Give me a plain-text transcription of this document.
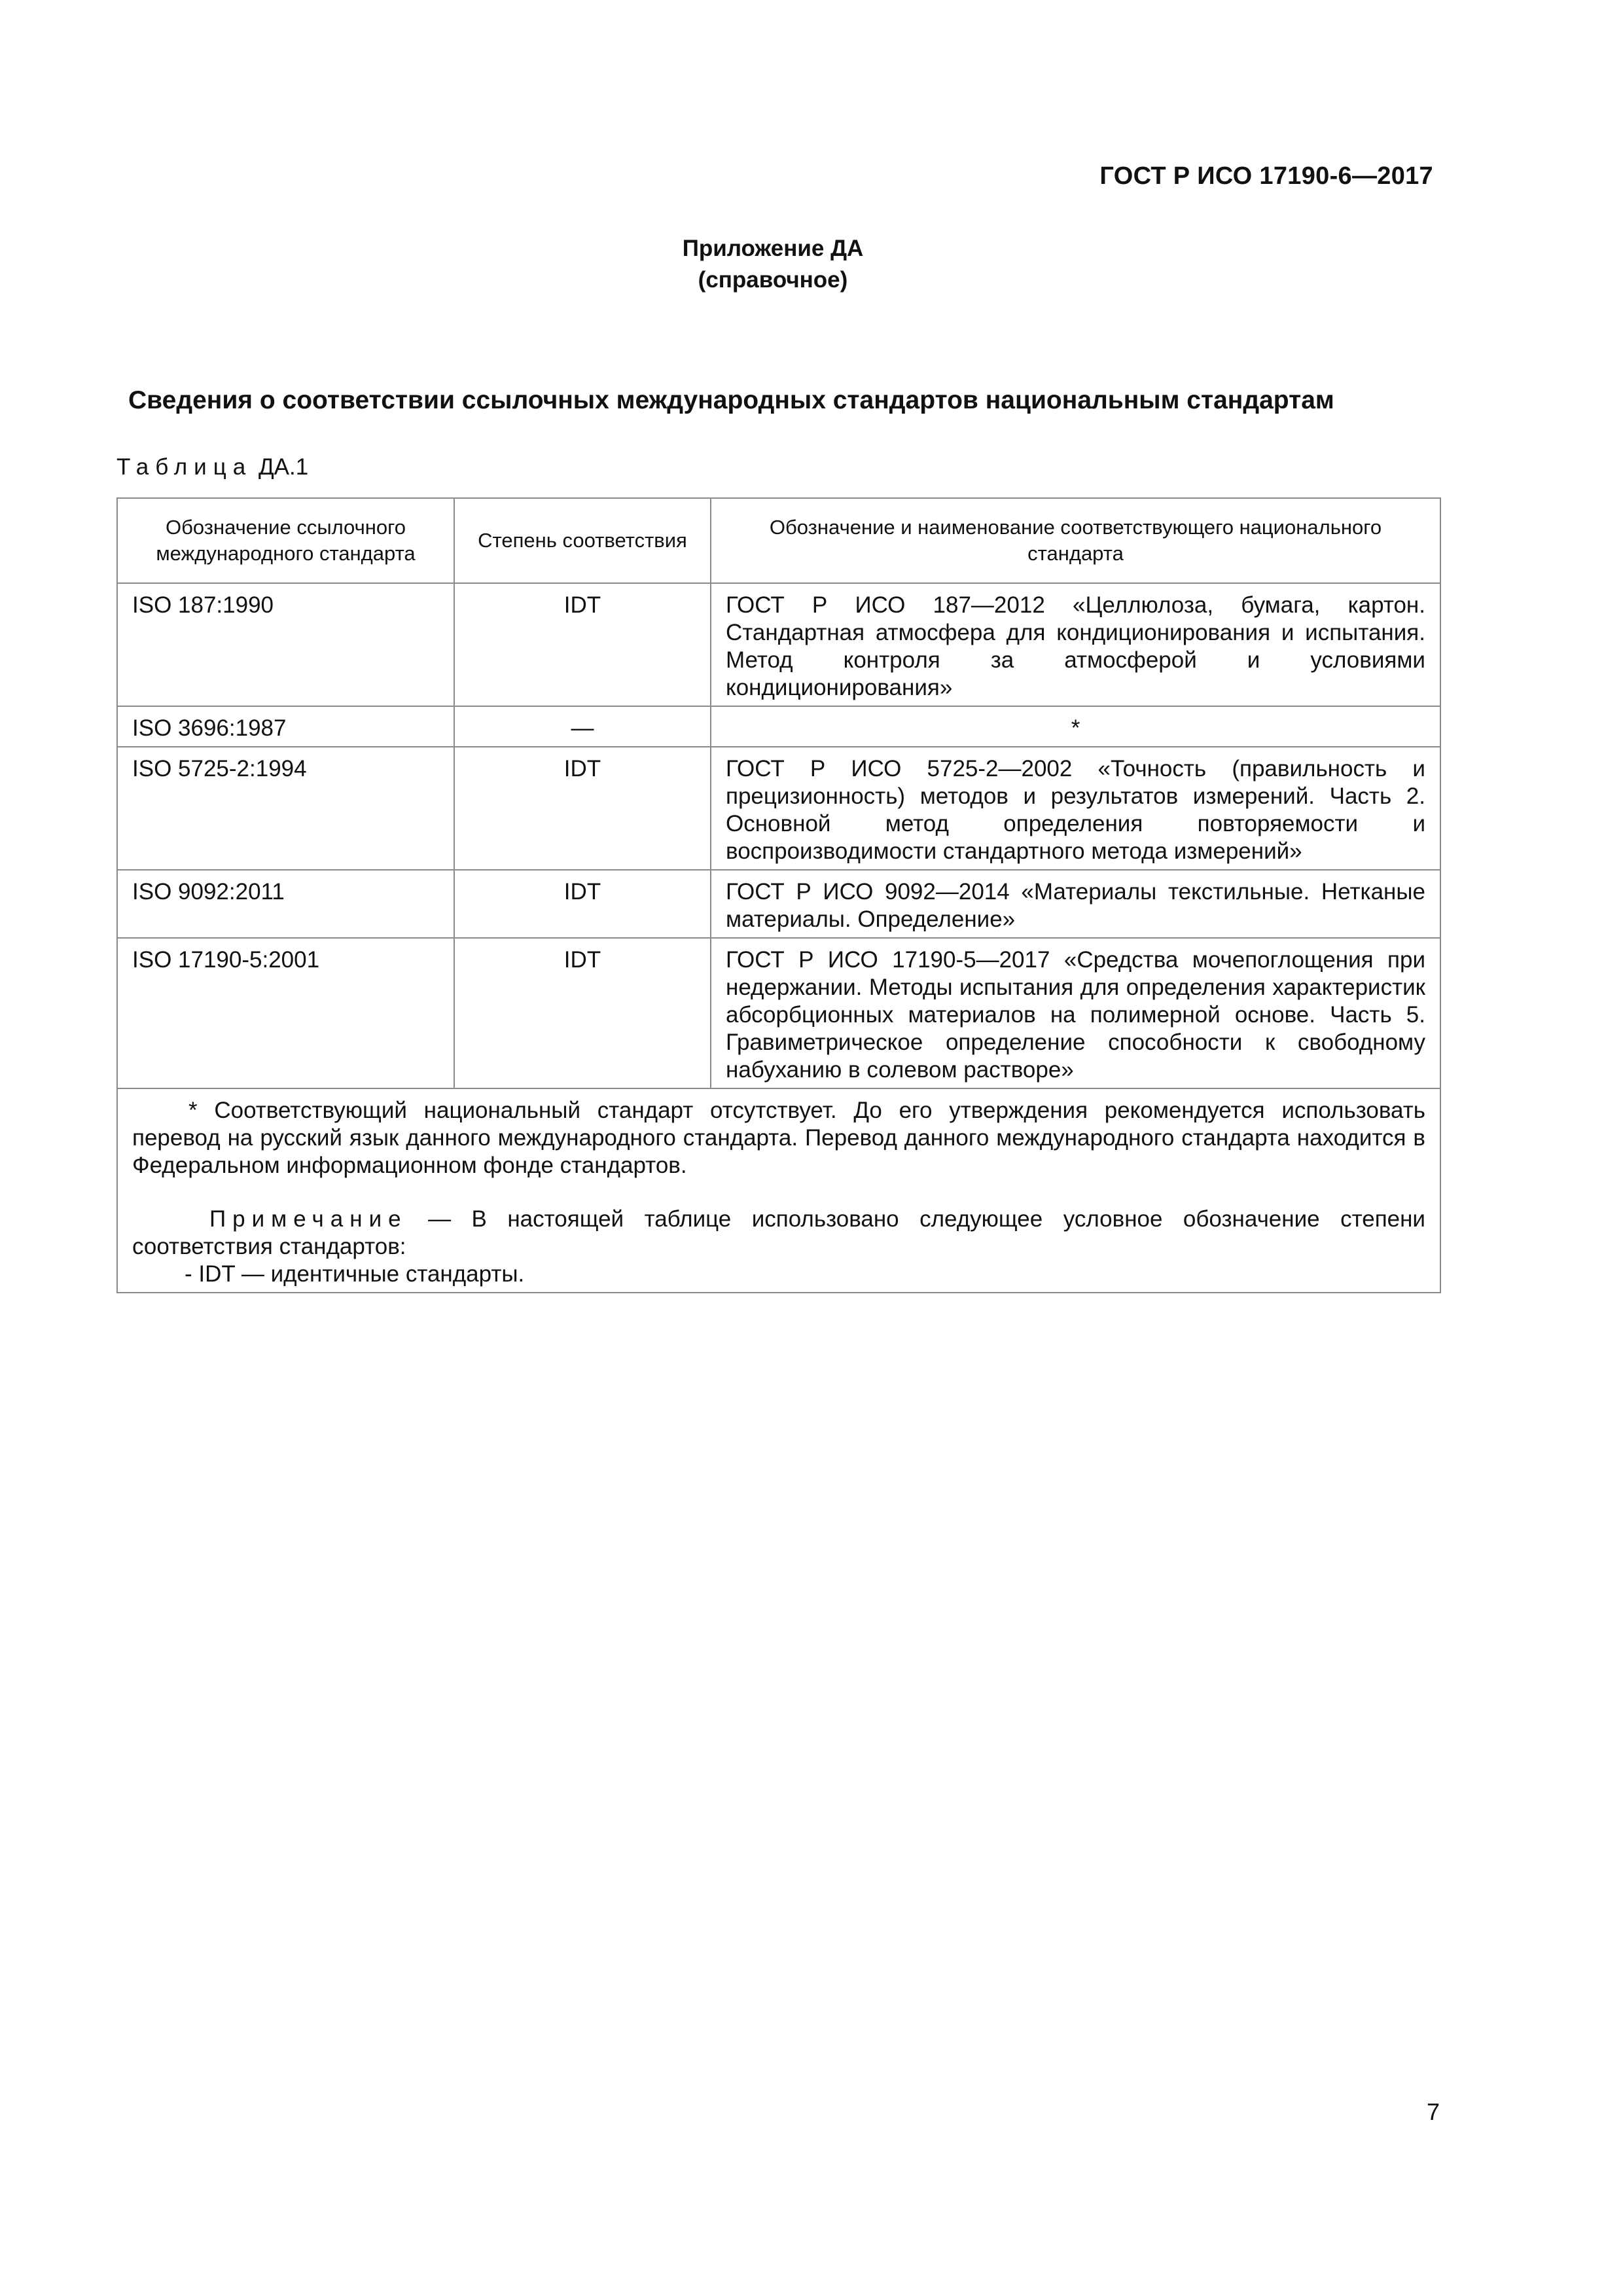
ГОСТ Р ИСО 17190-6—2017
Приложение ДА
(справочное)
Сведения о соответствии ссылочных международных стандартов национальным стандартам
Таблица ДА.1
Обозначение ссылочного международного стандарта	Степень соответствия	Обозначение и наименование соответствующего национального стандарта
ISO 187:1990	IDT	ГОСТ Р ИСО 187—2012 «Целлюлоза, бумага, картон. Стандартная атмосфера для кондиционирования и испытания. Метод контроля за атмосферой и условиями кондиционирования»
ISO 3696:1987	—	*
ISO 5725-2:1994	IDT	ГОСТ Р ИСО 5725-2—2002 «Точность (правильность и прецизионность) методов и результатов измерений. Часть 2. Основной метод определения повторяемости и воспроизводимости стандартного метода измерений»
ISO 9092:2011	IDT	ГОСТ Р ИСО 9092—2014 «Материалы текстильные. Нетканые материалы. Определение»
ISO 17190-5:2001	IDT	ГОСТ Р ИСО 17190-5—2017 «Средства мочепоглощения при недержании. Методы испытания для определения характеристик абсорбционных материалов на полимерной основе. Часть 5. Гравиметрическое определение способности к свободному набуханию в солевом растворе»

* Соответствующий национальный стандарт отсутствует. До его утверждения рекомендуется использовать перевод на русский язык данного международного стандарта. Перевод данного международного стандарта находится в Федеральном информационном фонде стандартов.
Примечание — В настоящей таблице использовано следующее условное обозначение степени соответствия стандартов:
- IDT — идентичные стандарты.		
7
